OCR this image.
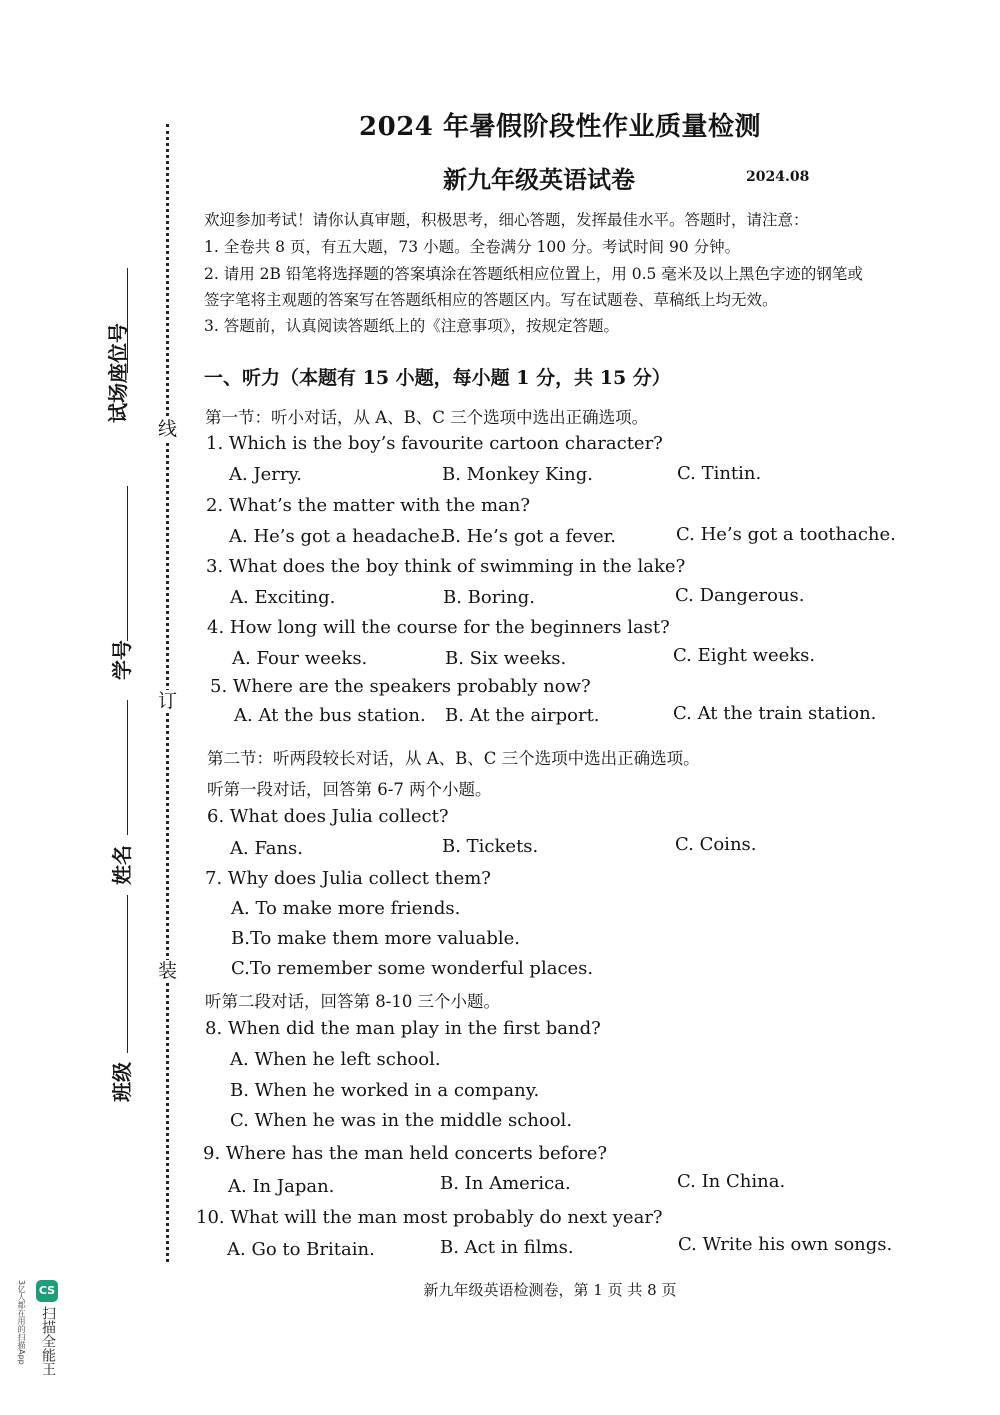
线
订
装
试场座位号
学号
姓名
班级
2024 年暑假阶段性作业质量检测
新九年级英语试卷	2024.08
欢迎参加考试！请你认真审题，积极思考，细心答题，发挥最佳水平。答题时，请注意：
1. 全卷共 8 页，有五大题，73 小题。全卷满分 100 分。考试时间 90 分钟。
2. 请用 2B 铅笔将选择题的答案填涂在答题纸相应位置上，用 0.5 毫米及以上黑色字迹的钢笔或
签字笔将主观题的答案写在答题纸相应的答题区内。写在试题卷、草稿纸上均无效。
3. 答题前，认真阅读答题纸上的《注意事项》，按规定答题。
一、听力（本题有 15 小题，每小题 1 分，共 15 分）
第一节：听小对话，从 A、B、C 三个选项中选出正确选项。
1. Which is the boy’s favourite cartoon character?
A. Jerry.	B. Monkey King.	C. Tintin.
2. What’s the matter with the man?
A. He’s got a headache.
B. He’s got a fever.	C. He’s got a toothache.
3. What does the boy think of swimming in the lake?
A. Exciting.	B. Boring.	C. Dangerous.
4. How long will the course for the beginners last?
A. Four weeks.	B. Six weeks.	C. Eight weeks.
5. Where are the speakers probably now?
A. At the bus station. B. At the airport.	C. At the train station.
第二节：听两段较长对话，从 A、B、C 三个选项中选出正确选项。
听第一段对话，回答第 6-7 两个小题。
6. What does Julia collect?
A. Fans.	B. Tickets.	C. Coins.
7. Why does Julia collect them?
A. To make more friends.
B.To make them more valuable.
C.To remember some wonderful places.
听第二段对话，回答第 8-10 三个小题。
8. When did the man play in the first band?
A. When he left school.
B. When he worked in a company.
C. When he was in the middle school.
9. Where has the man held concerts before?
A. In Japan.	B. In America.	C. In China.
10. What will the man most probably do next year?
A. Go to Britain.	B. Act in films.	C. Write his own songs.
新九年级英语检测卷，第 1 页 共 8 页
CS
扫描全能王
3亿人都在用的扫描App
